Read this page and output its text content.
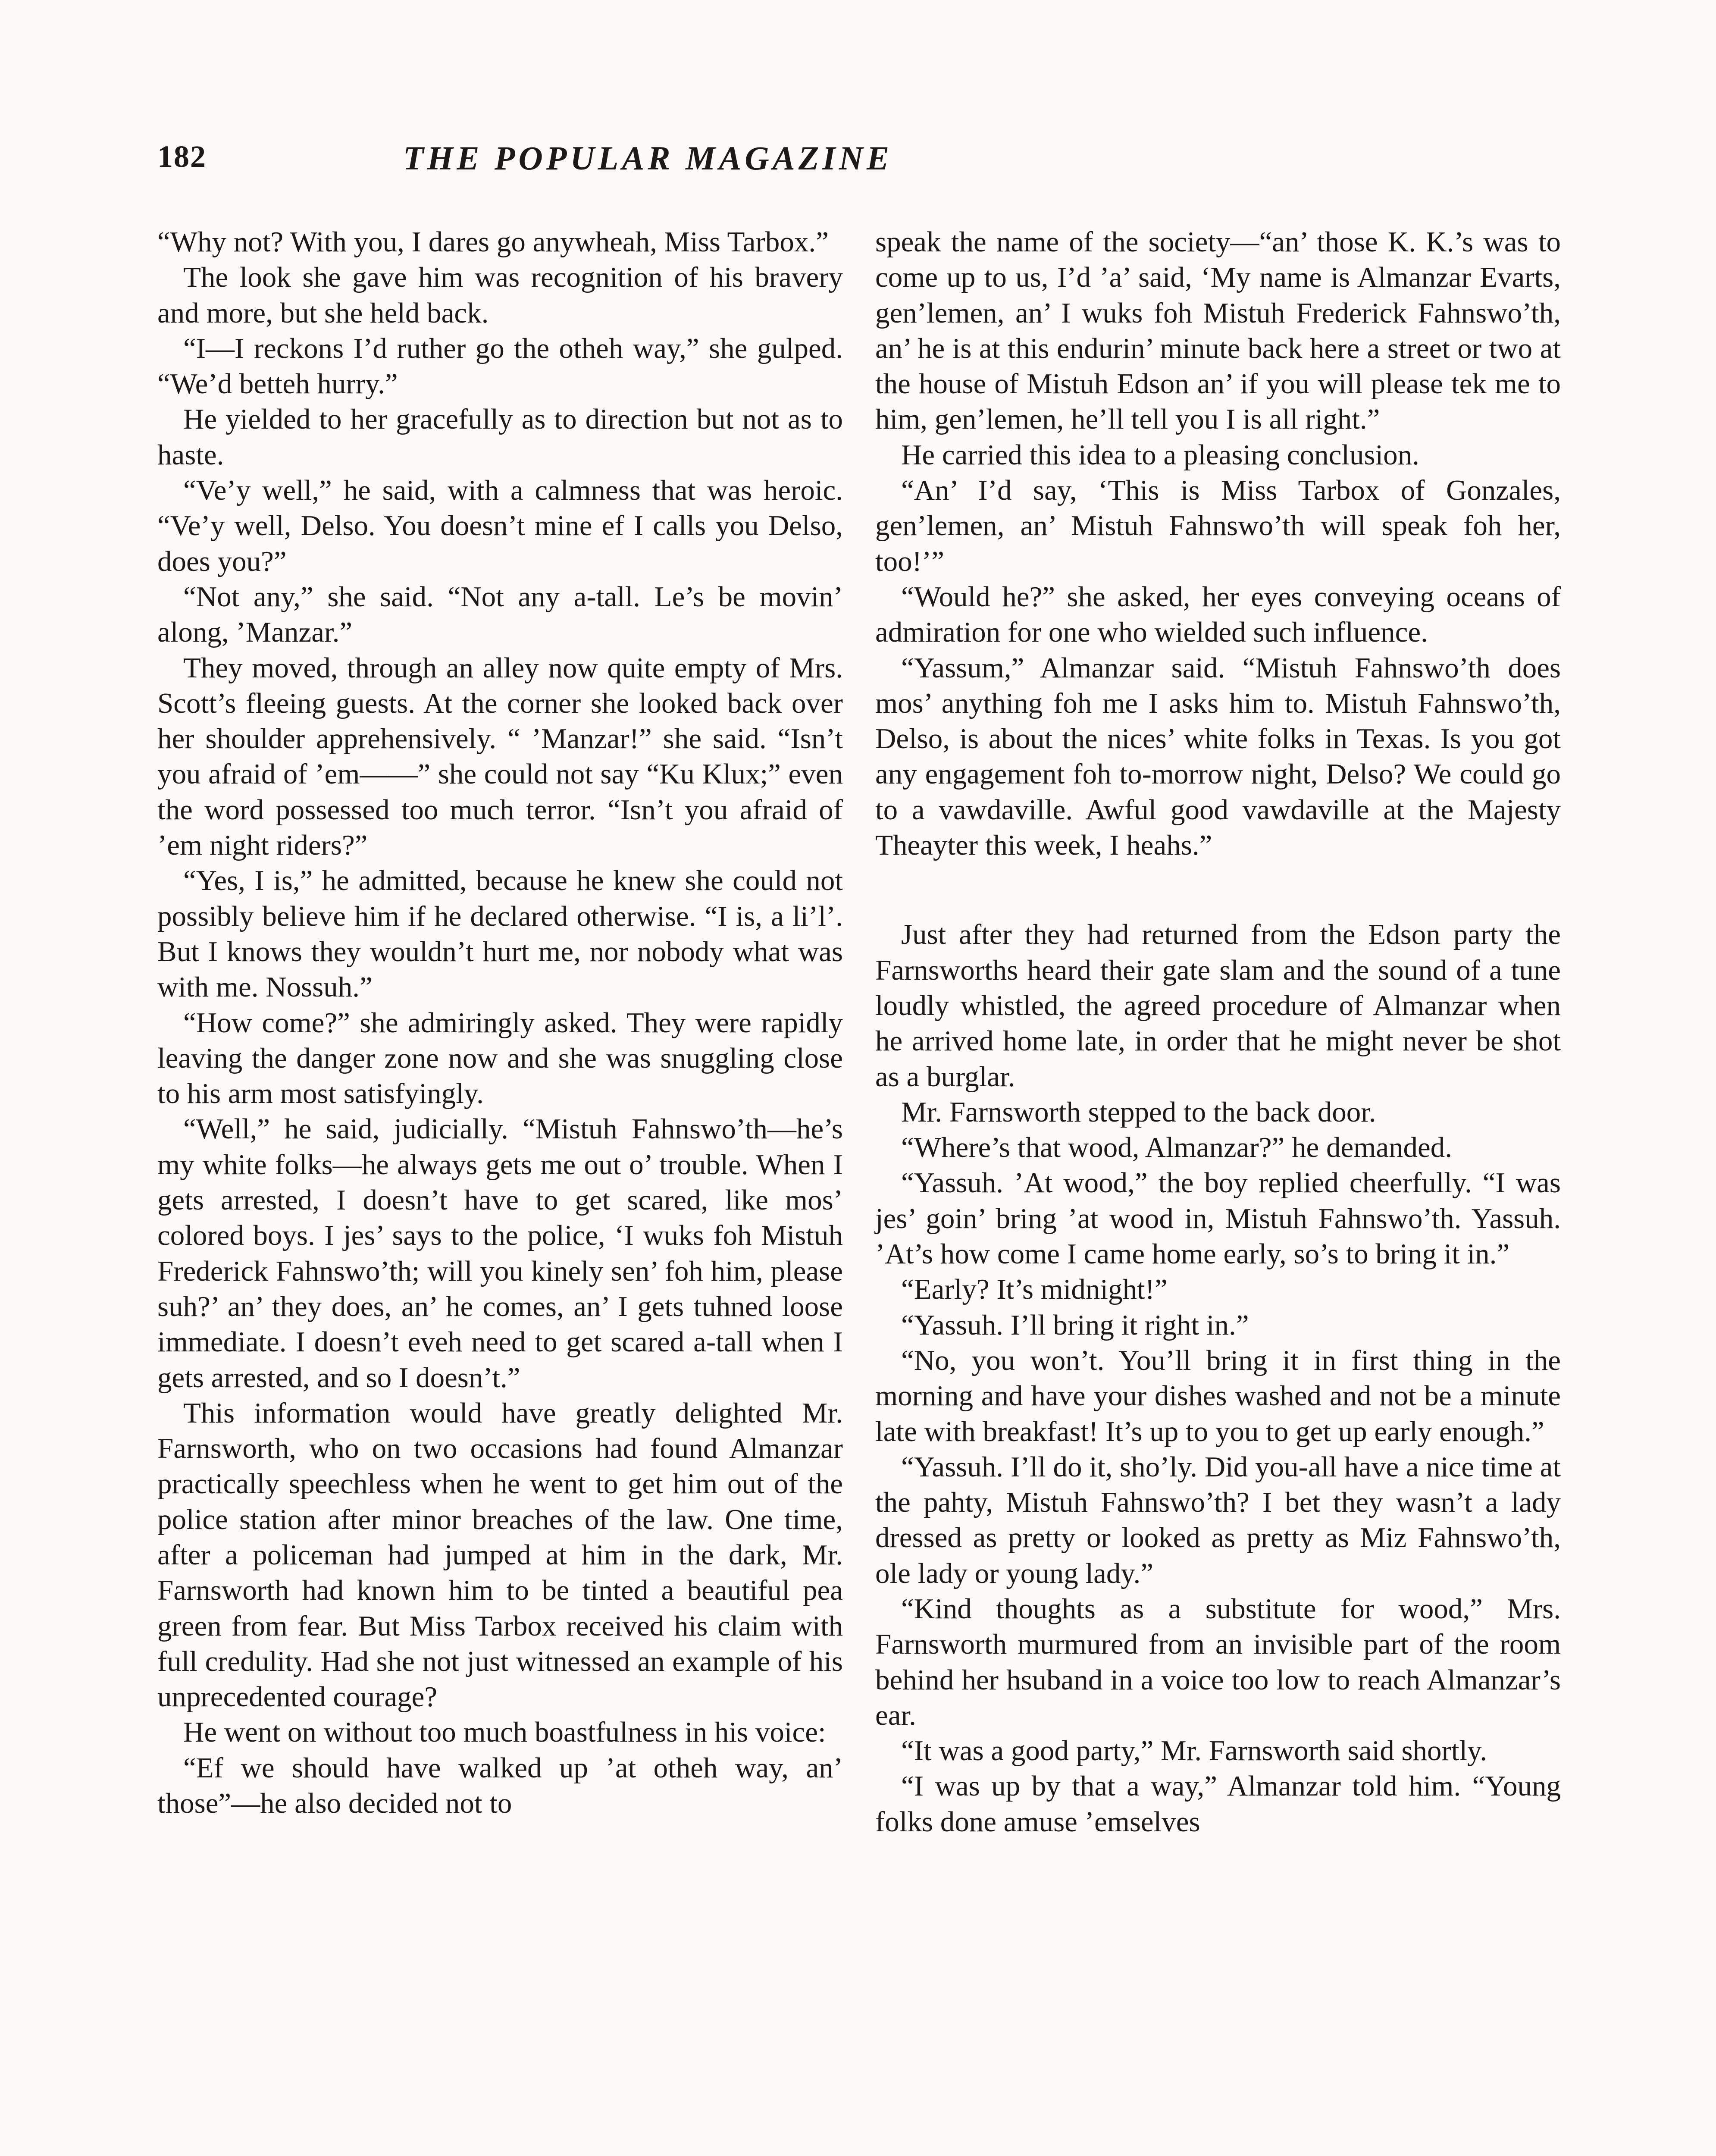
182	THE POPULAR MAGAZINE

“Why not? With you, I dares go anywheah, Miss Tarbox.”

The look she gave him was recognition of his bravery and more, but she held back.

“I—I reckons I’d ruther go the otheh way,” she gulped. “We’d betteh hurry.”

He yielded to her gracefully as to direction but not as to haste.

“Ve’y well,” he said, with a calmness that was heroic. “Ve’y well, Delso. You doesn’t mine ef I calls you Delso, does you?”

“Not any,” she said. “Not any a-tall. Le’s be movin’ along, ’Manzar.”

They moved, through an alley now quite empty of Mrs. Scott’s fleeing guests. At the corner she looked back over her shoulder apprehensively. “ ’Manzar!” she said. “Isn’t you afraid of ’em——” she could not say “Ku Klux;” even the word possessed too much terror. “Isn’t you afraid of ’em night riders?”

“Yes, I is,” he admitted, because he knew she could not possibly believe him if he declared otherwise. “I is, a li’l’. But I knows they wouldn’t hurt me, nor nobody what was with me. Nossuh.”

“How come?” she admiringly asked. They were rapidly leaving the danger zone now and she was snuggling close to his arm most satisfyingly.

“Well,” he said, judicially. “Mistuh Fahnswo’th—he’s my white folks—he always gets me out o’ trouble. When I gets arrested, I doesn’t have to get scared, like mos’ colored boys. I jes’ says to the police, ‘I wuks foh Mistuh Frederick Fahnswo’th; will you kinely sen’ foh him, please suh?’ an’ they does, an’ he comes, an’ I gets tuhned loose immediate. I doesn’t eveh need to get scared a-tall when I gets arrested, and so I doesn’t.”

This information would have greatly delighted Mr. Farnsworth, who on two occasions had found Almanzar practically speechless when he went to get him out of the police station after minor breaches of the law. One time, after a policeman had jumped at him in the dark, Mr. Farnsworth had known him to be tinted a beautiful pea green from fear. But Miss Tarbox received his claim with full credulity. Had she not just witnessed an example of his unprecedented courage?

He went on without too much boastfulness in his voice:

“Ef we should have walked up ’at otheh way, an’ those”—he also decided not to

speak the name of the society—“an’ those K. K.’s was to come up to us, I’d ’a’ said, ‘My name is Almanzar Evarts, gen’lemen, an’ I wuks foh Mistuh Frederick Fahnswo’th, an’ he is at this endurin’ minute back here a street or two at the house of Mistuh Edson an’ if you will please tek me to him, gen’lemen, he’ll tell you I is all right.”

He carried this idea to a pleasing conclusion.

“An’ I’d say, ‘This is Miss Tarbox of Gonzales, gen’lemen, an’ Mistuh Fahnswo’th will speak foh her, too!’”

“Would he?” she asked, her eyes conveying oceans of admiration for one who wielded such influence.

“Yassum,” Almanzar said. “Mistuh Fahnswo’th does mos’ anything foh me I asks him to. Mistuh Fahnswo’th, Delso, is about the nices’ white folks in Texas. Is you got any engagement foh to-morrow night, Delso? We could go to a vawdaville. Awful good vawdaville at the Majesty Theayter this week, I heahs.”

Just after they had returned from the Edson party the Farnsworths heard their gate slam and the sound of a tune loudly whistled, the agreed procedure of Almanzar when he arrived home late, in order that he might never be shot as a burglar.

Mr. Farnsworth stepped to the back door.

“Where’s that wood, Almanzar?” he demanded.

“Yassuh. ’At wood,” the boy replied cheerfully. “I was jes’ goin’ bring ’at wood in, Mistuh Fahnswo’th. Yassuh. ’At’s how come I came home early, so’s to bring it in.”

“Early? It’s midnight!”

“Yassuh. I’ll bring it right in.”

“No, you won’t. You’ll bring it in first thing in the morning and have your dishes washed and not be a minute late with breakfast! It’s up to you to get up early enough.”

“Yassuh. I’ll do it, sho’ly. Did you-all have a nice time at the pahty, Mistuh Fahnswo’th? I bet they wasn’t a lady dressed as pretty or looked as pretty as Miz Fahnswo’th, ole lady or young lady.”

“Kind thoughts as a substitute for wood,” Mrs. Farnsworth murmured from an invisible part of the room behind her hsuband in a voice too low to reach Almanzar’s ear.

“It was a good party,” Mr. Farnsworth said shortly.

“I was up by that a way,” Almanzar told him. “Young folks done amuse ’emselves
